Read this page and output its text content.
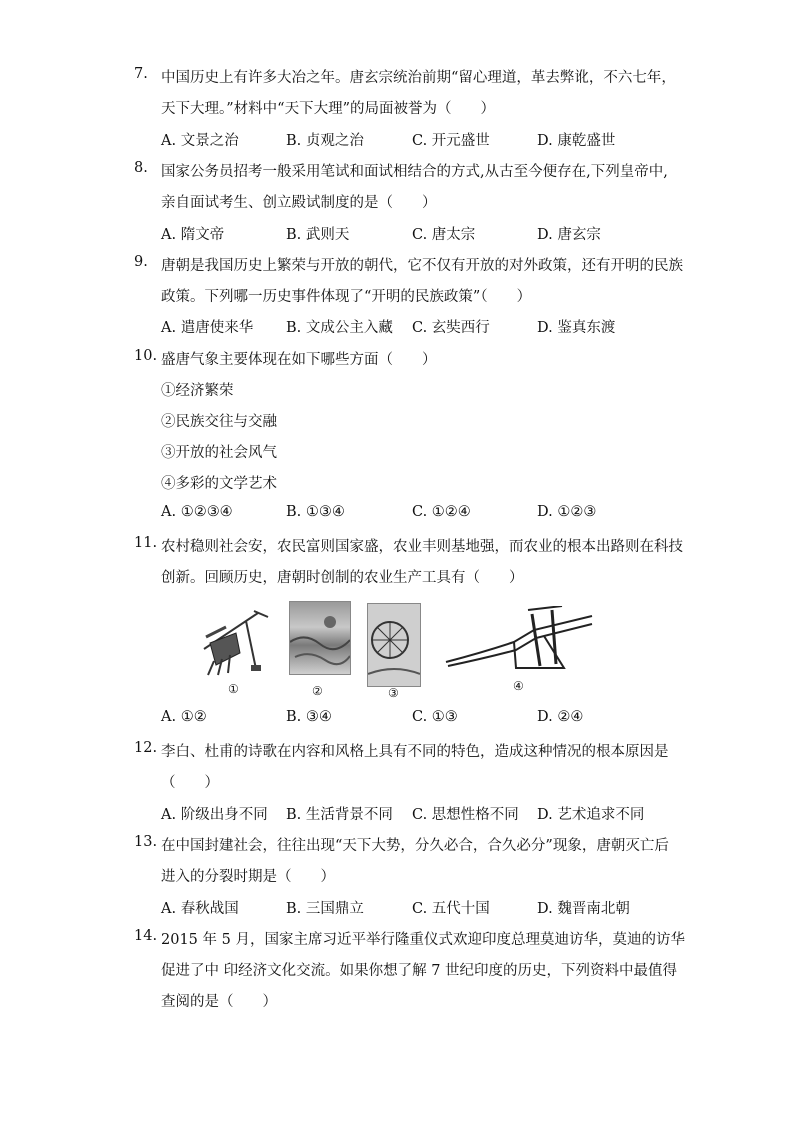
7. 中国历史上有许多大冶之年。唐玄宗统治前期“留心理道，革去弊讹，不六七年，
天下大理。”材料中“天下大理”的局面被誉为（　　）
A. 文景之治	B. 贞观之治	C. 开元盛世	D. 康乾盛世
8. 国家公务员招考一般采用笔试和面试相结合的方式,从古至今便存在,下列皇帝中,
亲自面试考生、创立殿试制度的是（　　）
A. 隋文帝	B. 武则天	C. 唐太宗	D. 唐玄宗
9. 唐朝是我国历史上繁荣与开放的朝代，它不仅有开放的对外政策，还有开明的民族
政策。下列哪一历史事件体现了“开明的民族政策”（　　）
A. 遣唐使来华 B. 文成公主入藏 C. 玄奘西行	D. 鉴真东渡
10. 盛唐气象主要体现在如下哪些方面（　　）
①经济繁荣
②民族交往与交融
③开放的社会风气
④多彩的文学艺术
A. ①②③④	B. ①③④	C. ①②④	D. ①②③
11. 农村稳则社会安，农民富则国家盛，农业丰则基地强，而农业的根本出路则在科技
创新。回顾历史，唐朝时创制的农业生产工具有（　　）
①	②	③	④
A. ①②	B. ③④	C. ①③	D. ②④
12. 李白、杜甫的诗歌在内容和风格上具有不同的特色，造成这种情况的根本原因是
（　　）
A. 阶级出身不同 B. 生活背景不同 C. 思想性格不同 D. 艺术追求不同
13. 在中国封建社会，往往出现“天下大势，分久必合，合久必分”现象，唐朝灭亡后
进入的分裂时期是（　　）
A. 春秋战国	B. 三国鼎立	C. 五代十国	D. 魏晋南北朝
14. 2015 年 5 月，国家主席习近平举行隆重仪式欢迎印度总理莫迪访华，莫迪的访华
促进了中 印经济文化交流。如果你想了解 7 世纪印度的历史，下列资料中最值得
查阅的是（　　）
